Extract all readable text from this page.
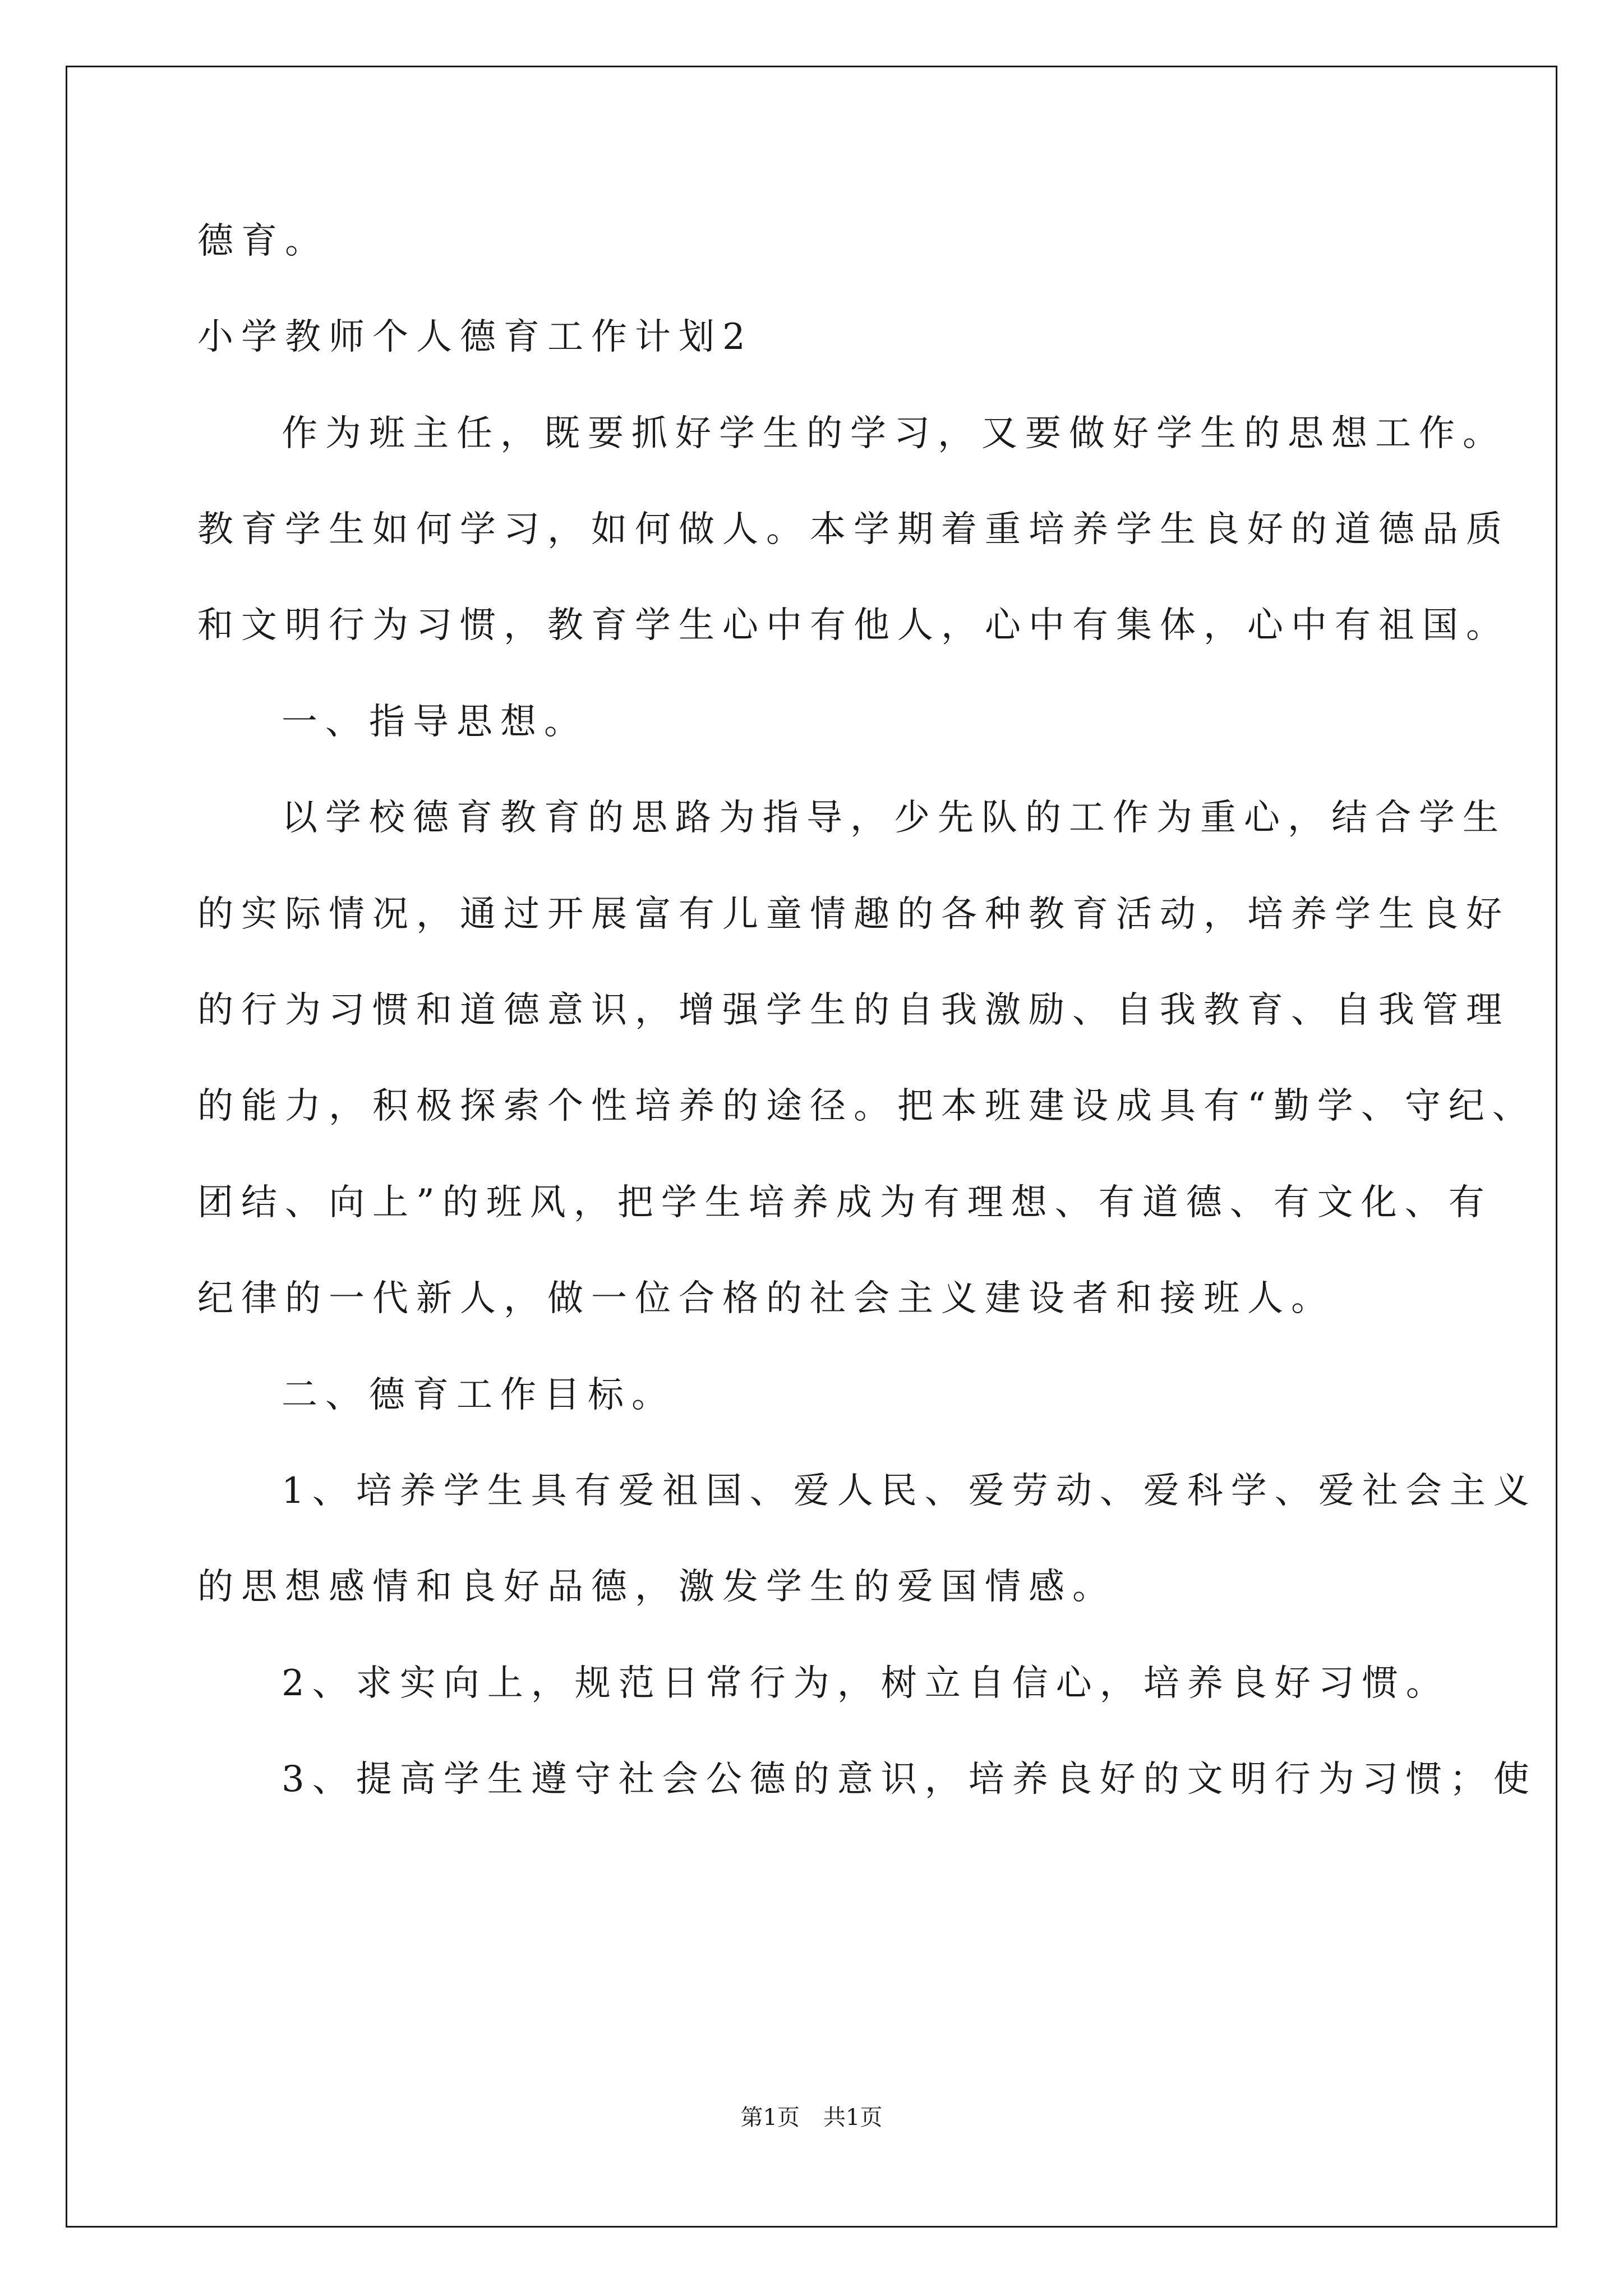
德育。
小学教师个人德育工作计划2
作为班主任，既要抓好学生的学习，又要做好学生的思想工作。
教育学生如何学习，如何做人。本学期着重培养学生良好的道德品质
和文明行为习惯，教育学生心中有他人，心中有集体，心中有祖国。
一、指导思想。
以学校德育教育的思路为指导，少先队的工作为重心，结合学生
的实际情况，通过开展富有儿童情趣的各种教育活动，培养学生良好
的行为习惯和道德意识，增强学生的自我激励、自我教育、自我管理
的能力，积极探索个性培养的途径。把本班建设成具有“勤学、守纪、
团结、向上”的班风，把学生培养成为有理想、有道德、有文化、有
纪律的一代新人，做一位合格的社会主义建设者和接班人。
二、德育工作目标。
1、培养学生具有爱祖国、爱人民、爱劳动、爱科学、爱社会主义
的思想感情和良好品德，激发学生的爱国情感。
2、求实向上，规范日常行为，树立自信心，培养良好习惯。
3、提高学生遵守社会公德的意识，培养良好的文明行为习惯；使
第1页 共1页
